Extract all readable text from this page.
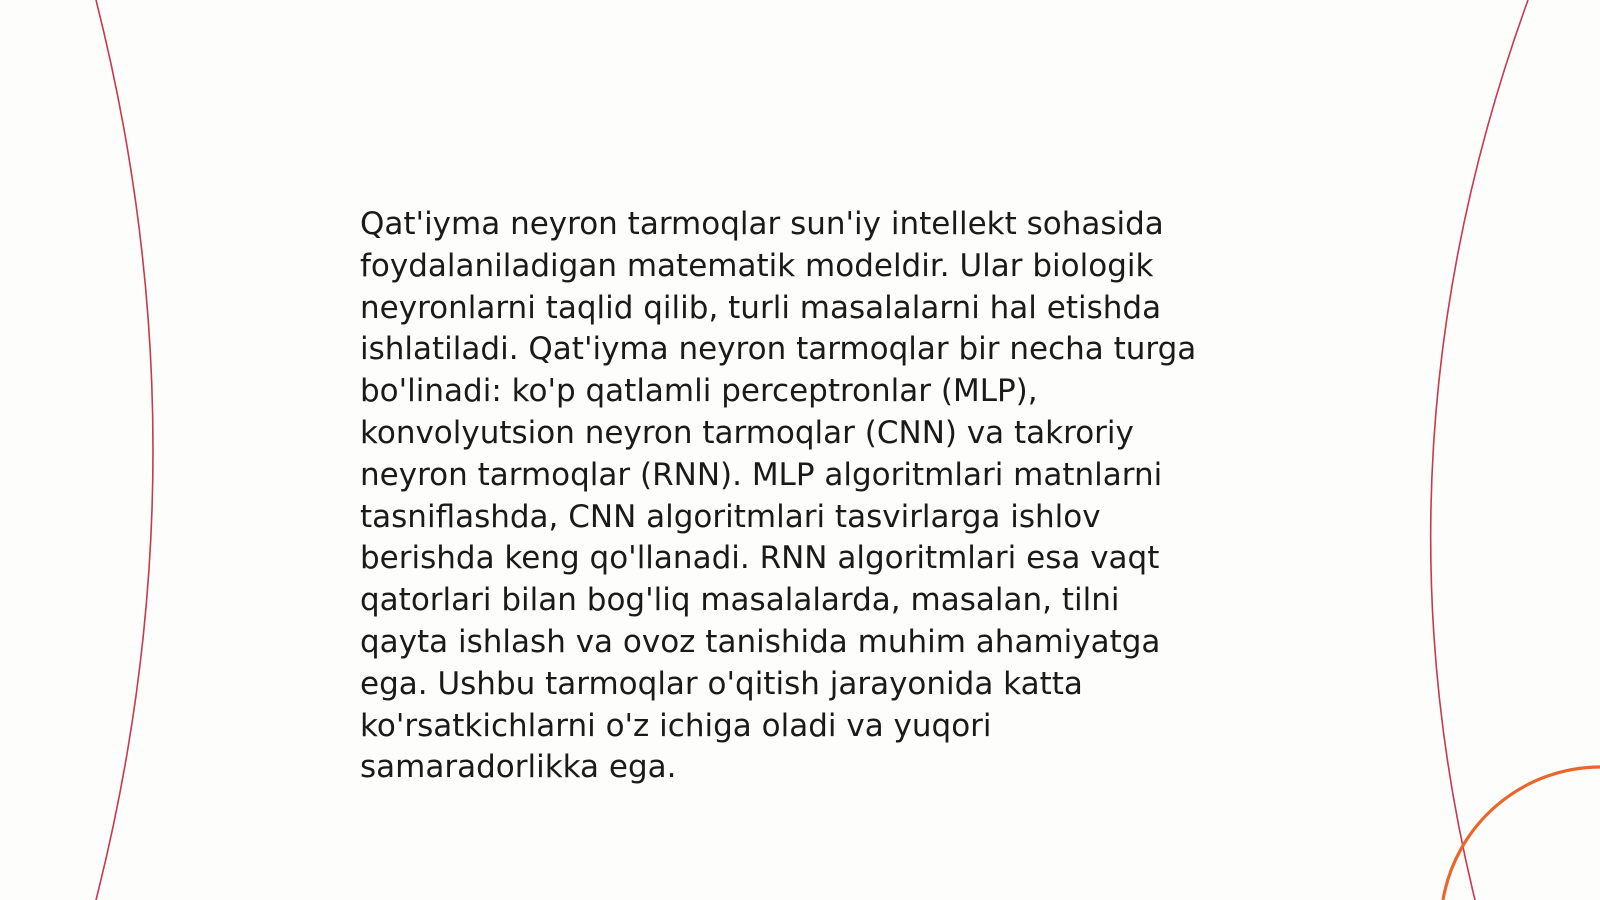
Qat'iyma neyron tarmoqlar sun'iy intellekt sohasida
foydalaniladigan matematik modeldir. Ular biologik
neyronlarni taqlid qilib, turli masalalarni hal etishda
ishlatiladi. Qat'iyma neyron tarmoqlar bir necha turga
bo'linadi: ko'p qatlamli perceptronlar (MLP),
konvolyutsion neyron tarmoqlar (CNN) va takroriy
neyron tarmoqlar (RNN). MLP algoritmlari matnlarni
tasniflashda, CNN algoritmlari tasvirlarga ishlov
berishda keng qo'llanadi. RNN algoritmlari esa vaqt
qatorlari bilan bog'liq masalalarda, masalan, tilni
qayta ishlash va ovoz tanishida muhim ahamiyatga
ega. Ushbu tarmoqlar o'qitish jarayonida katta
ko'rsatkichlarni o'z ichiga oladi va yuqori
samaradorlikka ega.
